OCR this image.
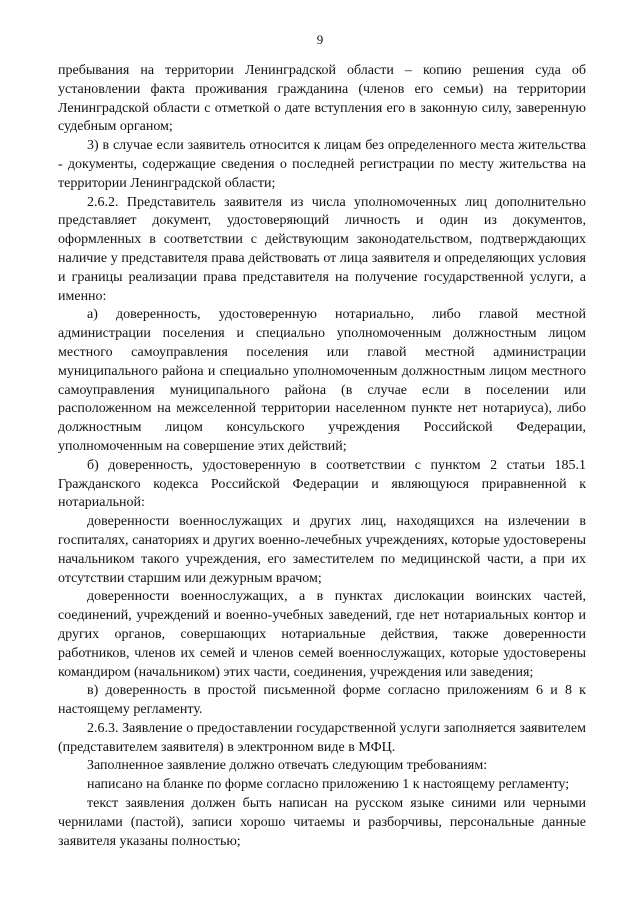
9

пребывания на территории Ленинградской области – копию решения суда об установлении факта проживания гражданина (членов его семьи) на территории Ленинградской области с отметкой о дате вступления его в законную силу, заверенную судебным органом;

3) в случае если заявитель относится к лицам без определенного места жительства - документы, содержащие сведения о последней регистрации по месту жительства на территории Ленинградской области;

2.6.2. Представитель заявителя из числа уполномоченных лиц дополнительно представляет документ, удостоверяющий личность и один из документов, оформленных в соответствии с действующим законодательством, подтверждающих наличие у представителя права действовать от лица заявителя и определяющих условия и границы реализации права представителя на получение государственной услуги, а именно:

а) доверенность, удостоверенную нотариально, либо главой местной администрации поселения и специально уполномоченным должностным лицом местного самоуправления поселения или главой местной администрации муниципального района и специально уполномоченным должностным лицом местного самоуправления муниципального района (в случае если в поселении или расположенном на межселенной территории населенном пункте нет нотариуса), либо должностным лицом консульского учреждения Российской Федерации, уполномоченным на совершение этих действий;

б) доверенность, удостоверенную в соответствии с пунктом 2 статьи 185.1 Гражданского кодекса Российской Федерации и являющуюся приравненной к нотариальной:

доверенности военнослужащих и других лиц, находящихся на излечении в госпиталях, санаториях и других военно-лечебных учреждениях, которые удостоверены начальником такого учреждения, его заместителем по медицинской части, а при их отсутствии старшим или дежурным врачом;

доверенности военнослужащих, а в пунктах дислокации воинских частей, соединений, учреждений и военно-учебных заведений, где нет нотариальных контор и других органов, совершающих нотариальные действия, также доверенности работников, членов их семей и членов семей военнослужащих, которые удостоверены командиром (начальником) этих части, соединения, учреждения или заведения;

в) доверенность в простой письменной форме согласно приложениям 6 и 8 к настоящему регламенту.

2.6.3. Заявление о предоставлении государственной услуги заполняется заявителем (представителем заявителя) в электронном виде в МФЦ.

Заполненное заявление должно отвечать следующим требованиям:

написано на бланке по форме согласно приложению 1 к настоящему регламенту;

текст заявления должен быть написан на русском языке синими или черными чернилами (пастой), записи хорошо читаемы и разборчивы, персональные данные заявителя указаны полностью;
